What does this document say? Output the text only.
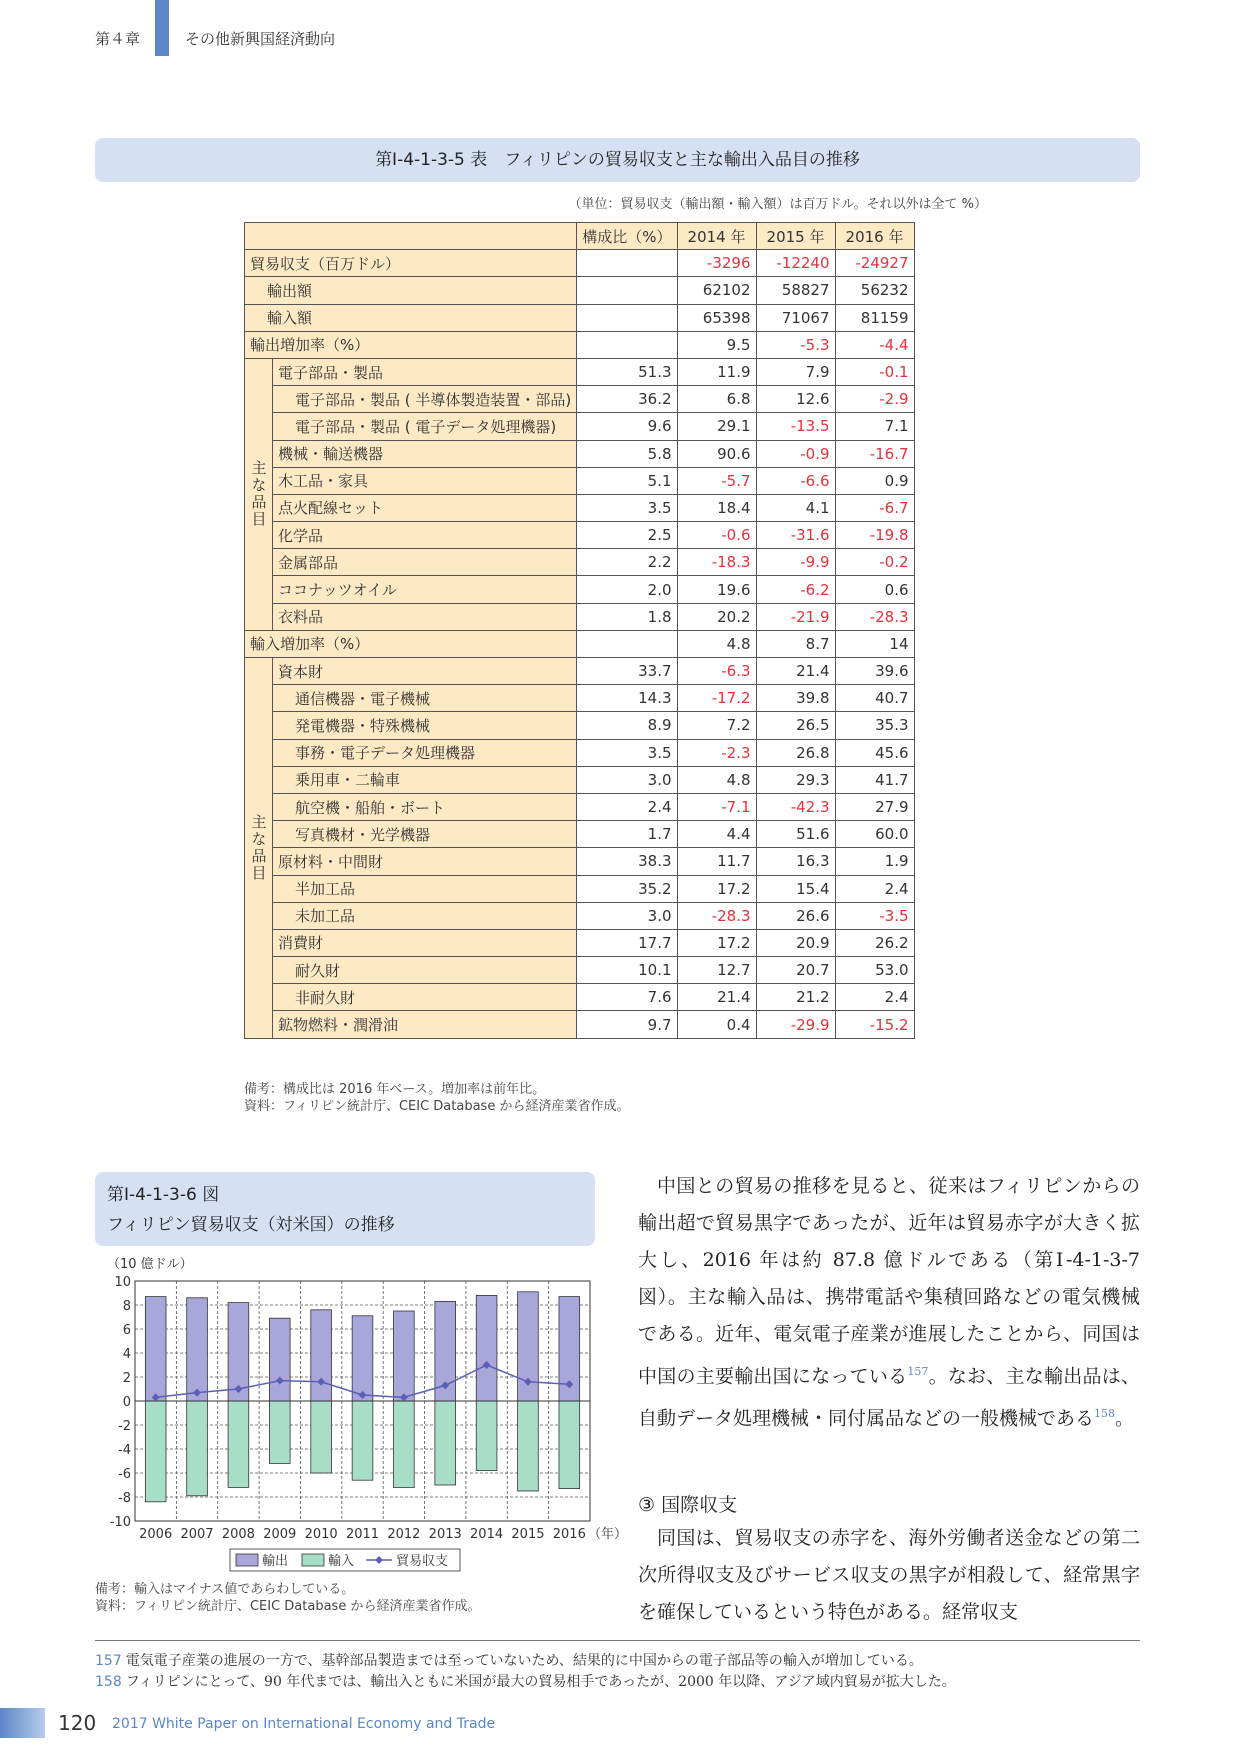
第４章	その他新興国経済動向
第Ⅰ-4-1-3-5 表　フィリピンの貿易収支と主な輸出入品目の推移
（単位：貿易収支（輸出額・輸入額）は百万ドル。それ以外は全て %）
		構成比（%）	2014 年	2015 年	2016 年
貿易収支（百万ドル）			-3296	-12240	-24927
輸出額			62102	58827	56232
輸入額			65398	71067	81159
輸出増加率（%）			9.5	-5.3	-4.4
主な品目	電子部品・製品	51.3	11.9	7.9	-0.1
	電子部品・製品 ( 半導体製造装置・部品)	36.2	6.8	12.6	-2.9
	電子部品・製品 ( 電子データ処理機器)	9.6	29.1	-13.5	7.1
	機械・輸送機器	5.8	90.6	-0.9	-16.7
	木工品・家具	5.1	-5.7	-6.6	0.9
	点火配線セット	3.5	18.4	4.1	-6.7
	化学品	2.5	-0.6	-31.6	-19.8
	金属部品	2.2	-18.3	-9.9	-0.2
	ココナッツオイル	2.0	19.6	-6.2	0.6
	衣料品	1.8	20.2	-21.9	-28.3
輸入増加率（%）			4.8	8.7	14
主な品目	資本財	33.7	-6.3	21.4	39.6
	通信機器・電子機械	14.3	-17.2	39.8	40.7
	発電機器・特殊機械	8.9	7.2	26.5	35.3
	事務・電子データ処理機器	3.5	-2.3	26.8	45.6
	乗用車・二輪車	3.0	4.8	29.3	41.7
	航空機・船舶・ボート	2.4	-7.1	-42.3	27.9
	写真機材・光学機器	1.7	4.4	51.6	60.0
	原材料・中間財	38.3	11.7	16.3	1.9
	半加工品	35.2	17.2	15.4	2.4
	未加工品	3.0	-28.3	26.6	-3.5
	消費財	17.7	17.2	20.9	26.2
	耐久財	10.1	12.7	20.7	53.0
	非耐久財	7.6	21.4	21.2	2.4
	鉱物燃料・潤滑油	9.7	0.4	-29.9	-15.2
備考：構成比は 2016 年ベース。増加率は前年比。
資料：フィリピン統計庁、CEIC Database から経済産業省作成。
第Ⅰ-4-1-3-6 図
フィリピン貿易収支（対米国）の推移
（10 億ドル）
10
8
6
4
2
0
-2
-4
-6
-8
-10
2006 2007 2008 2009 2010 2011 2012 2013 2014 2015 2016 （年）
輸出	輸入	貿易収支
備考：輸入はマイナス値であらわしている。
資料：フィリピン統計庁、CEIC Database から経済産業省作成。
中国との貿易の推移を見ると、従来はフィリピンからの輸出超で貿易黒字であったが、近年は貿易赤字が大きく拡大し、2016 年は約 87.8 億ドルである（第Ⅰ-4-1-3-7 図）。主な輸入品は、携帯電話や集積回路などの電気機械である。近年、電気電子産業が進展したことから、同国は中国の主要輸出国になっている$^{157}$。なお、主な輸出品は、自動データ処理機械・同付属品などの一般機械である$^{158}$。
③ 国際収支
同国は、貿易収支の赤字を、海外労働者送金などの第二次所得収支及びサービス収支の黒字が相殺して、経常黒字を確保しているという特色がある。経常収支
157 電気電子産業の進展の一方で、基幹部品製造までは至っていないため、結果的に中国からの電子部品等の輸入が増加している。
158 フィリピンにとって、90 年代までは、輸出入ともに米国が最大の貿易相手であったが、2000 年以降、アジア域内貿易が拡大した。
120 2017 White Paper on International Economy and Trade
